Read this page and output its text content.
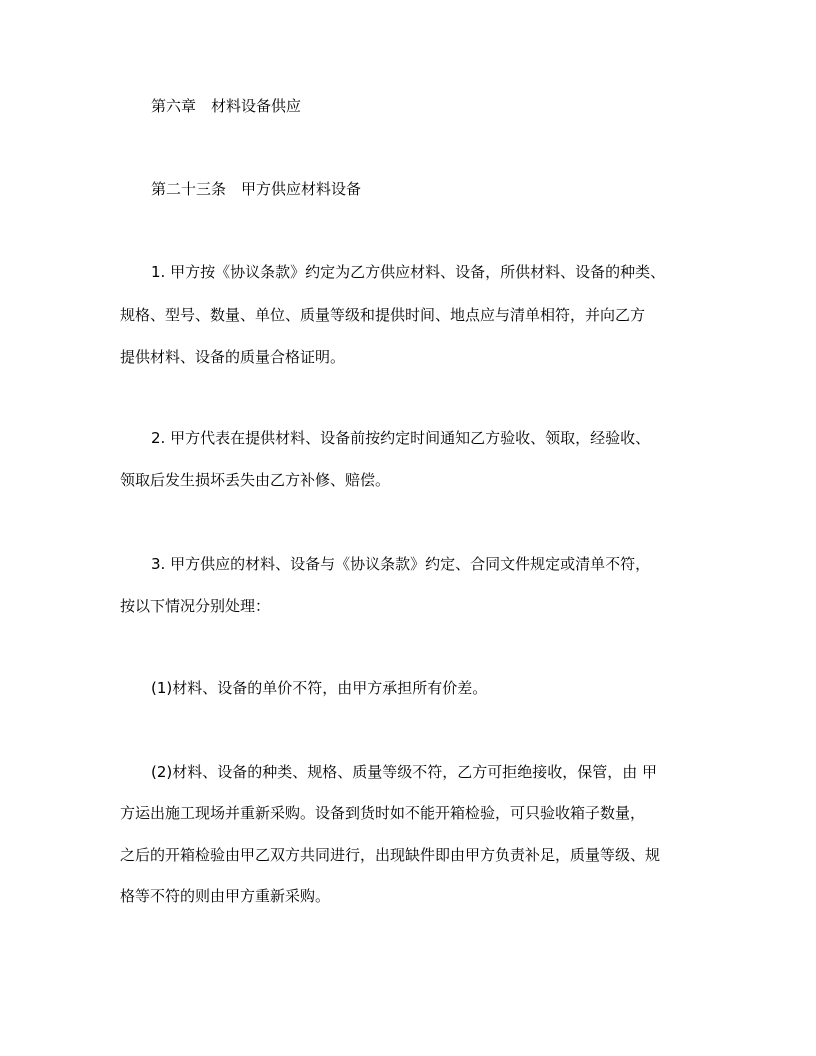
第六章　材料设备供应

第二十三条　甲方供应材料设备

1. 甲方按《协议条款》约定为乙方供应材料、设备，所供材料、设备的种类、

规格、型号、数量、单位、质量等级和提供时间、地点应与清单相符，并向乙方

提供材料、设备的质量合格证明。

2. 甲方代表在提供材料、设备前按约定时间通知乙方验收、领取，经验收、

领取后发生损坏丢失由乙方补修、赔偿。

3. 甲方供应的材料、设备与《协议条款》约定、合同文件规定或清单不符，

按以下情况分别处理：

(1)材料、设备的单价不符，由甲方承担所有价差。

(2)材料、设备的种类、规格、质量等级不符，乙方可拒绝接收，保管，由 甲

方运出施工现场并重新采购。设备到货时如不能开箱检验，可只验收箱子数量，

之后的开箱检验由甲乙双方共同进行，出现缺件即由甲方负责补足，质量等级、规

格等不符的则由甲方重新采购。
